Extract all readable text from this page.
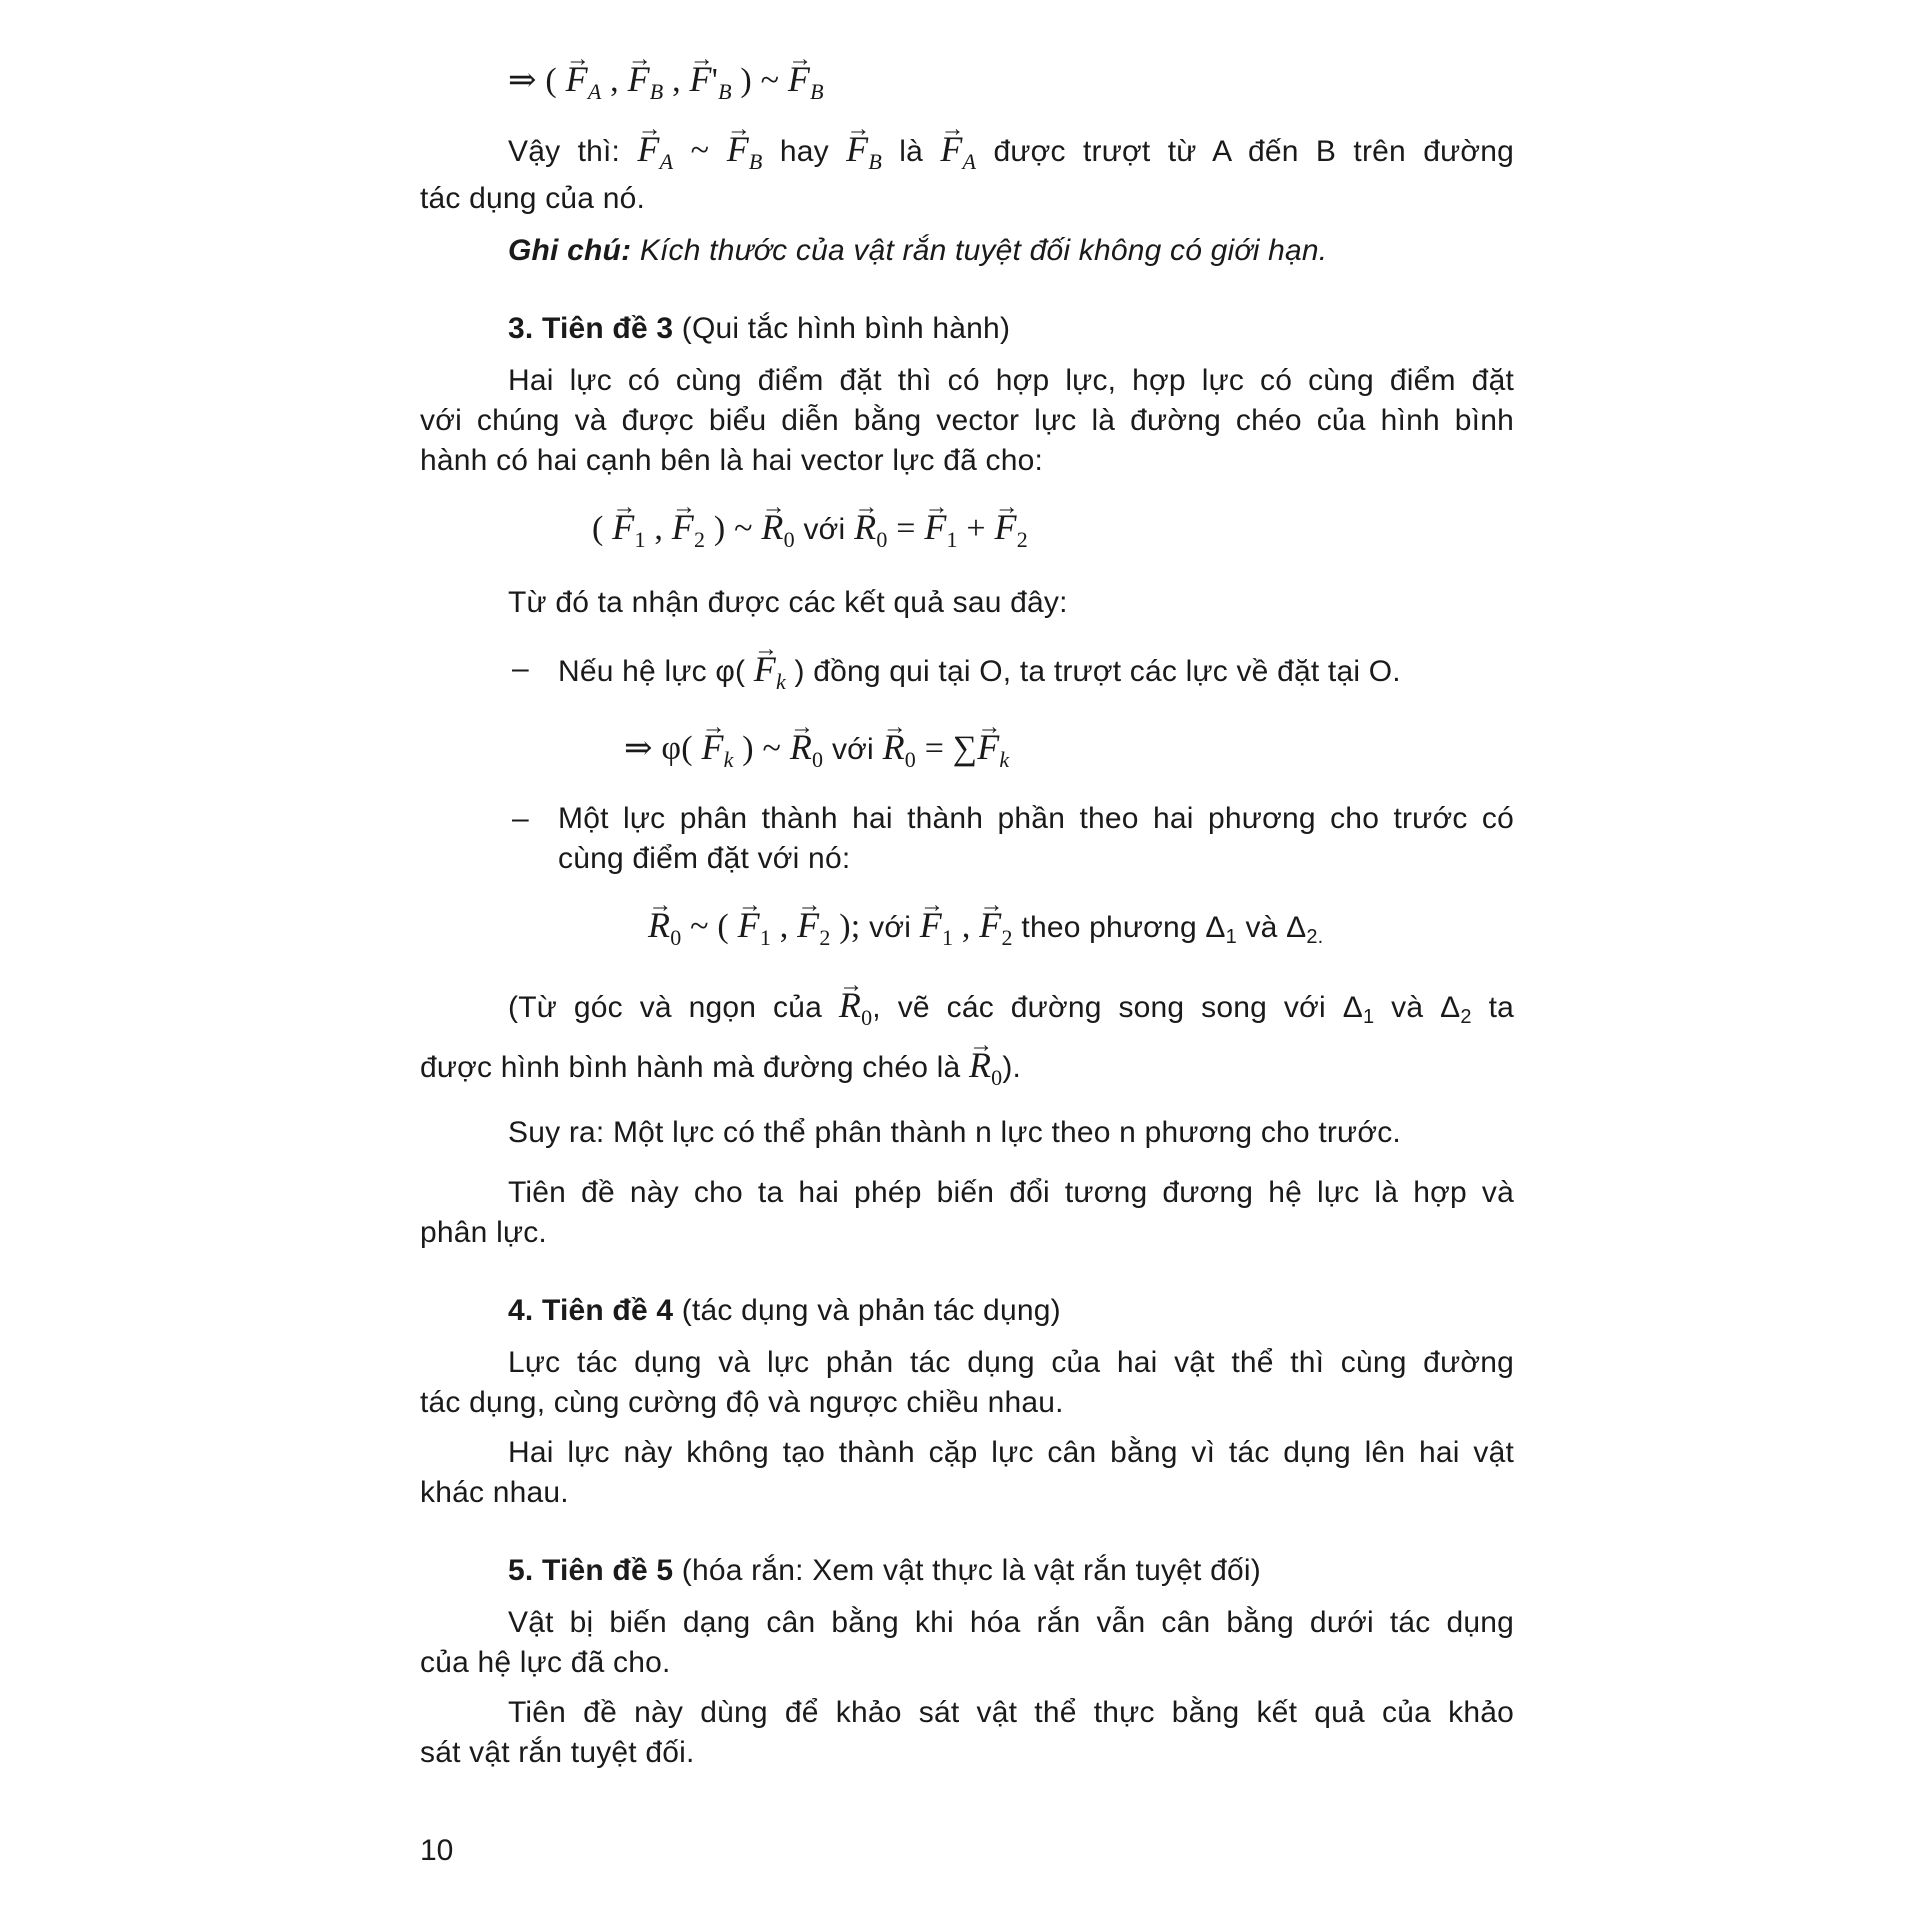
⇒ ( → $F_A$ , → $F_B$ , → $F'_B$ ) ~ → $F_B$
Vậy thì: → $F_A$ ~ → $F_B$ hay → $F_B$ là → $F_A$ được trượt từ A đến B trên đường
tác dụng của nó.
Ghi chú: Kích thước của vật rắn tuyệt đối không có giới hạn.
3. Tiên đề 3 (Qui tắc hình bình hành)
Hai lực có cùng điểm đặt thì có hợp lực, hợp lực có cùng điểm đặt
với chúng và được biểu diễn bằng vector lực là đường chéo của hình bình
hành có hai cạnh bên là hai vector lực đã cho:
( → $F_1$ , → $F_2$ ) ~ → $R_0$ với → $R_0$ = → $F_1$ + → $F_2$
Từ đó ta nhận được các kết quả sau đây:
– Nếu hệ lực $\varphi( \to F_k$ ) đồng qui tại O, ta trượt các lực về đặt tại O.
⇒ $\varphi( \to F_k$ ) ~ → $R_0$ với → $R_0$ = ∑→ $F_k$
– Một lực phân thành hai thành phần theo hai phương cho trước có
cùng điểm đặt với nó:
→ $R_0$ ~ ( → $F_1$ , → $F_2$ ); với → $F_1$ , → $F_2$ theo phương $\Delta_1$ và $\Delta_{2.}$
(Từ góc và ngọn của → $R_0$, vẽ các đường song song với $\Delta_1$ và $\Delta_2$ ta
được hình bình hành mà đường chéo là → $R_0$).
Suy ra: Một lực có thể phân thành n lực theo n phương cho trước.
Tiên đề này cho ta hai phép biến đổi tương đương hệ lực là hợp và
phân lực.
4. Tiên đề 4 (tác dụng và phản tác dụng)
Lực tác dụng và lực phản tác dụng của hai vật thể thì cùng đường
tác dụng, cùng cường độ và ngược chiều nhau.
Hai lực này không tạo thành cặp lực cân bằng vì tác dụng lên hai vật
khác nhau.
5. Tiên đề 5 (hóa rắn: Xem vật thực là vật rắn tuyệt đối)
Vật bị biến dạng cân bằng khi hóa rắn vẫn cân bằng dưới tác dụng
của hệ lực đã cho.
Tiên đề này dùng để khảo sát vật thể thực bằng kết quả của khảo
sát vật rắn tuyệt đối.
10
